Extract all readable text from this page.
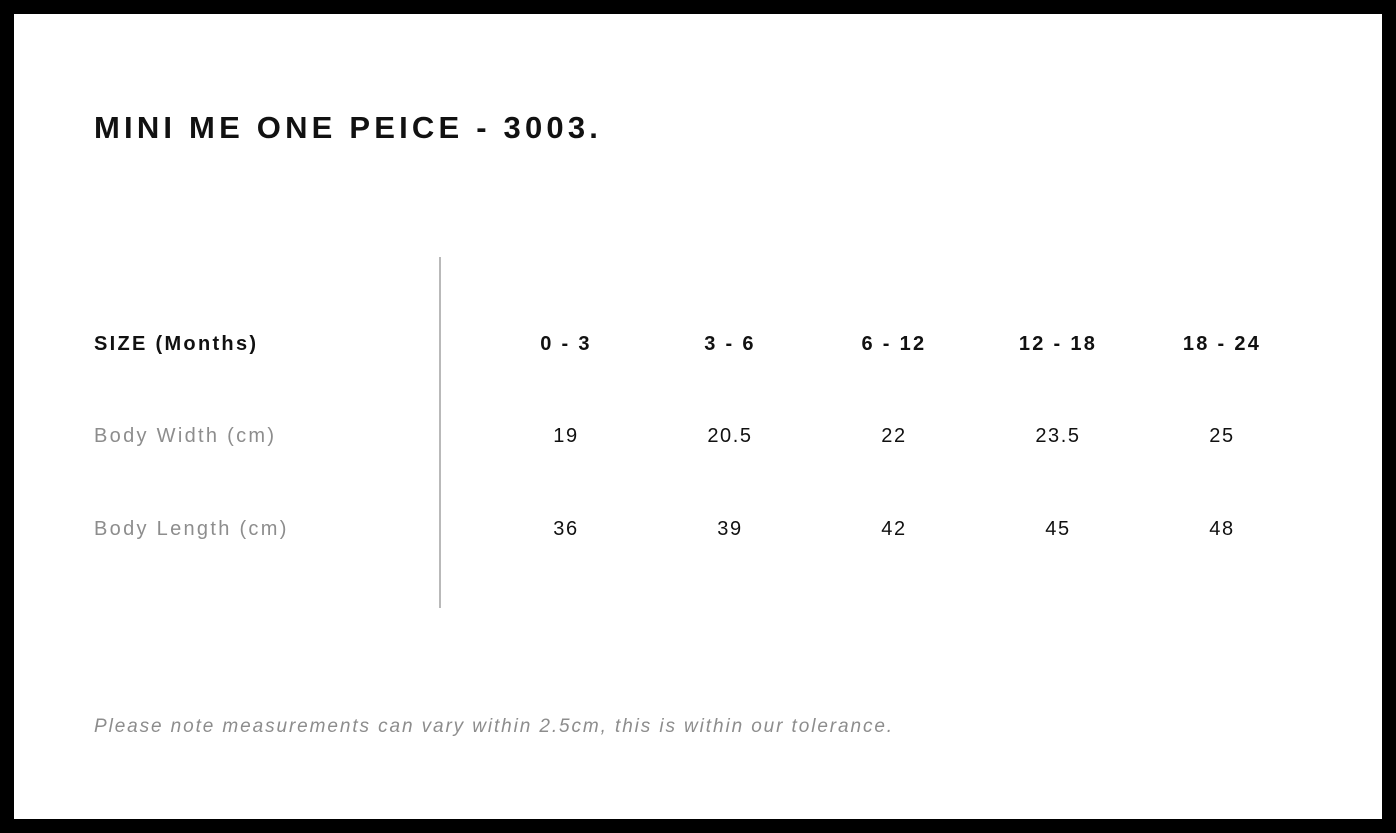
MINI ME ONE PEICE - 3003.
SIZE (Months)	0 - 3	3 - 6	6 - 12	12 - 18	18 - 24
Body Width (cm)	19	20.5	22	23.5	25
Body Length (cm)	36	39	42	45	48
Please note measurements can vary within 2.5cm, this is within our tolerance.
